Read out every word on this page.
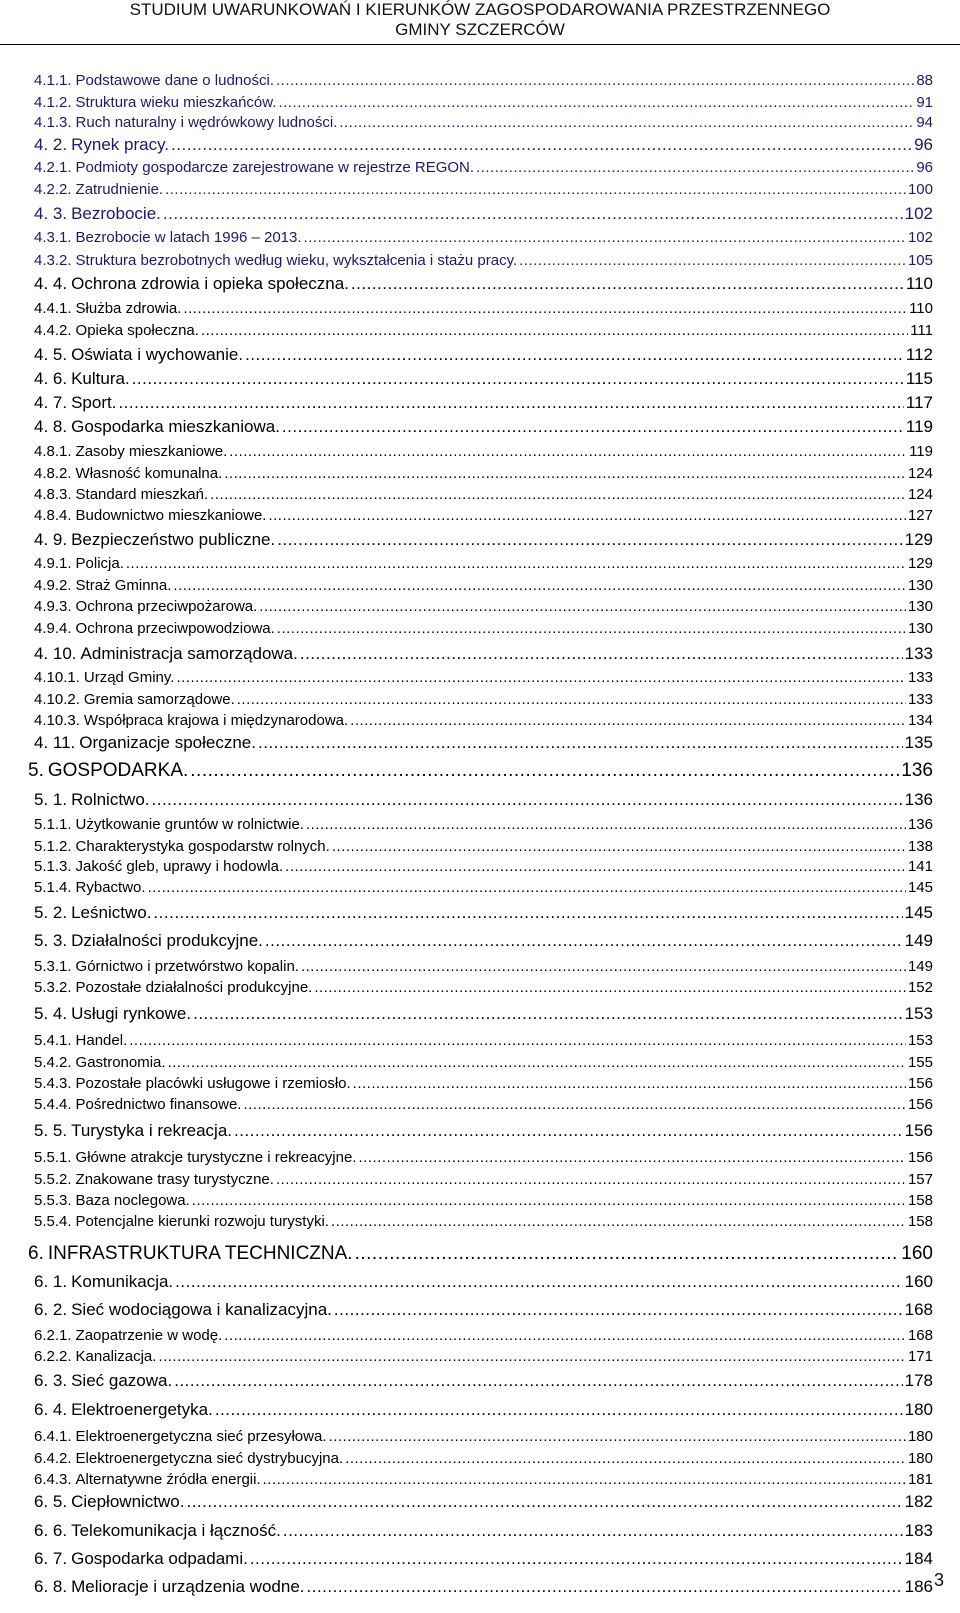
STUDIUM UWARUNKOWAŃ I KIERUNKÓW ZAGOSPODAROWANIA PRZESTRZENNEGO
GMINY SZCZERCÓW
4.1.1. Podstawowe dane o ludności. .....	88
4.1.2. Struktura wieku mieszkańców. .....	91
4.1.3. Ruch naturalny i wędrówkowy ludności. .....	94
4. 2. Rynek pracy. .....	96
4.2.1. Podmioty gospodarcze zarejestrowane w rejestrze REGON. .....	96
4.2.2. Zatrudnienie. .....	100
4. 3. Bezrobocie. .....	102
4.3.1. Bezrobocie w latach 1996 – 2013. .....	102
4.3.2. Struktura bezrobotnych według wieku, wykształcenia i stażu pracy. .....	105
4. 4. Ochrona zdrowia i opieka społeczna. .....	110
4.4.1. Służba zdrowia. .....	110
4.4.2. Opieka społeczna. .....	111
4. 5. Oświata i wychowanie. .....	112
4. 6. Kultura. .....	115
4. 7. Sport. .....	117
4. 8. Gospodarka mieszkaniowa. .....	119
4.8.1. Zasoby mieszkaniowe. .....	119
4.8.2. Własność komunalna. .....	124
4.8.3. Standard mieszkań. .....	124
4.8.4. Budownictwo mieszkaniowe. .....	127
4. 9. Bezpieczeństwo publiczne. .....	129
4.9.1. Policja. .....	129
4.9.2. Straż Gminna. .....	130
4.9.3. Ochrona przeciwpożarowa. .....	130
4.9.4. Ochrona przeciwpowodziowa. .....	130
4. 10. Administracja samorządowa. .....	133
4.10.1. Urząd Gminy. .....	133
4.10.2. Gremia samorządowe. .....	133
4.10.3. Współpraca krajowa i międzynarodowa. .....	134
4. 11. Organizacje społeczne. .....	135
5. GOSPODARKA. .....	136
5. 1. Rolnictwo. .....	136
5.1.1. Użytkowanie gruntów w rolnictwie. .....	136
5.1.2. Charakterystyka gospodarstw rolnych. .....	138
5.1.3. Jakość gleb, uprawy i hodowla. .....	141
5.1.4. Rybactwo. .....	145
5. 2. Leśnictwo. .....	145
5. 3. Działalności produkcyjne. .....	149
5.3.1. Górnictwo i przetwórstwo kopalin. .....	149
5.3.2. Pozostałe działalności produkcyjne. .....	152
5. 4. Usługi rynkowe. .....	153
5.4.1. Handel. .....	153
5.4.2. Gastronomia. .....	155
5.4.3. Pozostałe placówki usługowe i rzemiosło. .....	156
5.4.4. Pośrednictwo finansowe. .....	156
5. 5. Turystyka i rekreacja. .....	156
5.5.1. Główne atrakcje turystyczne i rekreacyjne. .....	156
5.5.2. Znakowane trasy turystyczne. .....	157
5.5.3. Baza noclegowa. .....	158
5.5.4. Potencjalne kierunki rozwoju turystyki. .....	158
6. INFRASTRUKTURA TECHNICZNA. .....	160
6. 1. Komunikacja. .....	160
6. 2. Sieć wodociągowa i kanalizacyjna. .....	168
6.2.1. Zaopatrzenie w wodę. .....	168
6.2.2. Kanalizacja. .....	171
6. 3. Sieć gazowa. .....	178
6. 4. Elektroenergetyka. .....	180
6.4.1. Elektroenergetyczna sieć przesyłowa. .....	180
6.4.2. Elektroenergetyczna sieć dystrybucyjna. .....	180
6.4.3. Alternatywne źródła energii. .....	181
6. 5. Ciepłownictwo. .....	182
6. 6. Telekomunikacja i łączność. .....	183
6. 7. Gospodarka odpadami. .....	184
6. 8. Melioracje i urządzenia wodne. .....	186 3
